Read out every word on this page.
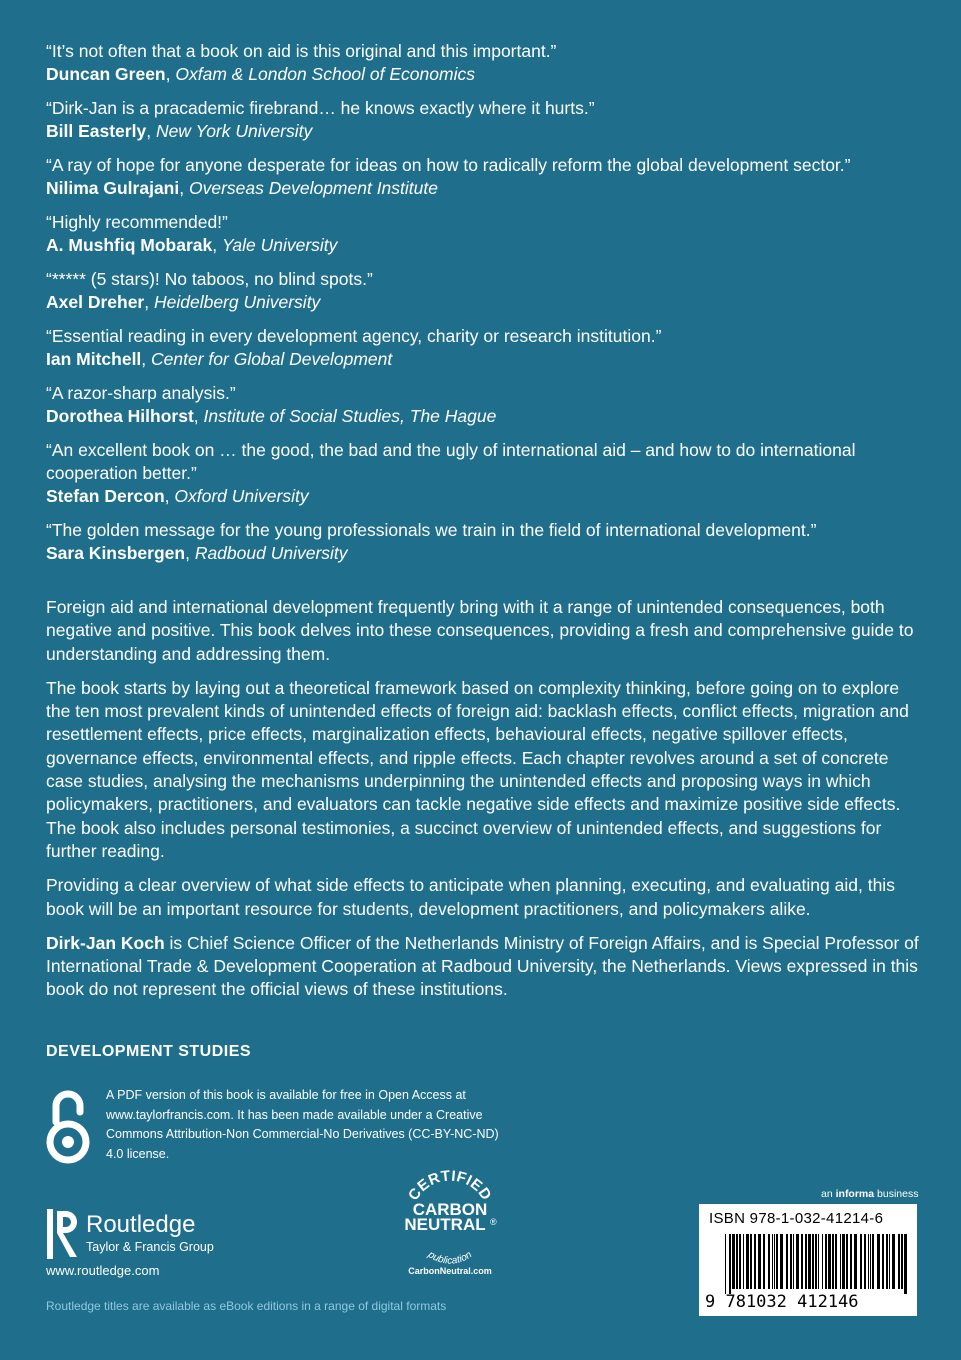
“It’s not often that a book on aid is this original and this important.”
Duncan Green, Oxfam & London School of Economics
“Dirk-Jan is a pracademic firebrand… he knows exactly where it hurts.”
Bill Easterly, New York University
“A ray of hope for anyone desperate for ideas on how to radically reform the global development sector.”
Nilima Gulrajani, Overseas Development Institute
“Highly recommended!”
A. Mushfiq Mobarak, Yale University
“***** (5 stars)! No taboos, no blind spots.”
Axel Dreher, Heidelberg University
“Essential reading in every development agency, charity or research institution.”
Ian Mitchell, Center for Global Development
“A razor-sharp analysis.”
Dorothea Hilhorst, Institute of Social Studies, The Hague
“An excellent book on … the good, the bad and the ugly of international aid – and how to do international cooperation better.”
Stefan Dercon, Oxford University
“The golden message for the young professionals we train in the field of international development.”
Sara Kinsbergen, Radboud University

Foreign aid and international development frequently bring with it a range of unintended consequences, both negative and positive. This book delves into these consequences, providing a fresh and comprehensive guide to understanding and addressing them.

The book starts by laying out a theoretical framework based on complexity thinking, before going on to explore the ten most prevalent kinds of unintended effects of foreign aid: backlash effects, conflict effects, migration and resettlement effects, price effects, marginalization effects, behavioural effects, negative spillover effects, governance effects, environmental effects, and ripple effects. Each chapter revolves around a set of concrete case studies, analysing the mechanisms underpinning the unintended effects and proposing ways in which policymakers, practitioners, and evaluators can tackle negative side effects and maximize positive side effects. The book also includes personal testimonies, a succinct overview of unintended effects, and suggestions for further reading.

Providing a clear overview of what side effects to anticipate when planning, executing, and evaluating aid, this book will be an important resource for students, development practitioners, and policymakers alike.

Dirk-Jan Koch is Chief Science Officer of the Netherlands Ministry of Foreign Affairs, and is Special Professor of International Trade & Development Cooperation at Radboud University, the Netherlands. Views expressed in this book do not represent the official views of these institutions.

DEVELOPMENT STUDIES
A PDF version of this book is available for free in Open Access at www.taylorfrancis.com. It has been made available under a Creative Commons Attribution-Non Commercial-No Derivatives (CC-BY-NC-ND) 4.0 license.
Routledge
Taylor & Francis Group
www.routledge.com
CERTIFIED
CARBON
NEUTRAL ®
publication
CarbonNeutral.com
an informa business
ISBN 978-1-032-41214-6
9 781032 412146
Routledge titles are available as eBook editions in a range of digital formats
